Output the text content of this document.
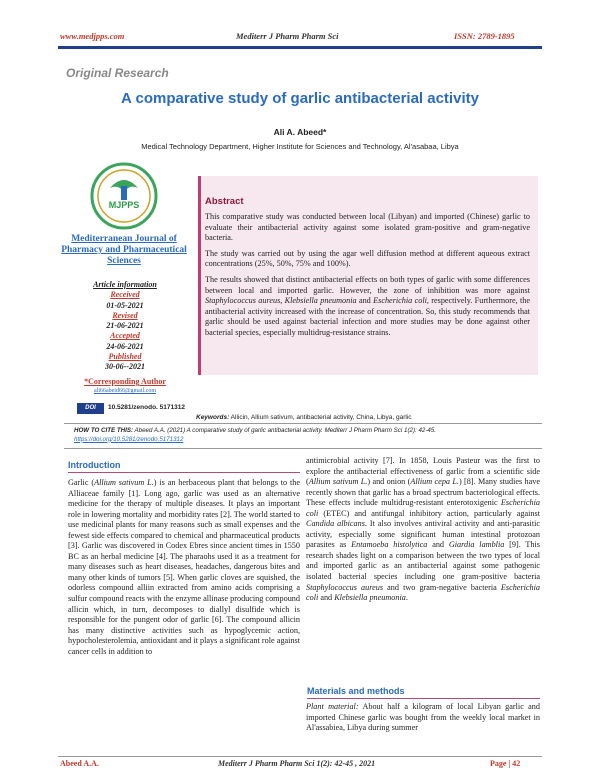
www.medjpps.com	Mediterr J Pharm Pharm Sci	ISSN: 2789-1895
Original Research
A comparative study of garlic antibacterial activity
Ali A. Abeed*
Medical Technology Department, Higher Institute for Sciences and Technology, Al'asabaa, Libya
MJPPS
Mediterranean Journal of Pharmacy and Pharmaceutical Sciences
Article information
Received
01-05-2021
Revised
21-06-2021
Accepted
24-06-2021
Published
30-06--2021
*Corresponding Author
ali66abeid66@gmail.com
Abstract

This comparative study was conducted between local (Libyan) and imported (Chinese) garlic to evaluate their antibacterial activity against some isolated gram-positive and gram-negative bacteria.

The study was carried out by using the agar well diffusion method at different aqueous extract concentrations (25%, 50%, 75% and 100%).

The results showed that distinct antibacterial effects on both types of garlic with some differences between local and imported garlic. However, the zone of inhibition was more against Staphylococcus aureus, Klebsiella pneumonia and Escherichia coli, respectively. Furthermore, the antibacterial activity increased with the increase of concentration. So, this study recommends that garlic should be used against bacterial infection and more studies may be done against other bacterial species, especially multidrug-resistance strains.

DOI	10.5281/zenodo. 5171312
Keywords: Allicin, Allium sativum, antibacterial activity, China, Libya, garlic
HOW TO CITE THIS: Abeed A.A. (2021) A comparative study of garlic antibacterial activity. Mediterr J Pharm Pharm Sci 1(2): 42-45. https://doi.org/10.5281/zenodo.5171312
Introduction
Garlic (Allium sativum L.) is an herbaceous plant that belongs to the Alliaceae family [1]. Long ago, garlic was used as an alternative medicine for the therapy of multiple diseases. It plays an important role in lowering mortality and morbidity rates [2]. The world started to use medicinal plants for many reasons such as small expenses and the fewest side effects compared to chemical and pharmaceutical products [3]. Garlic was discovered in Codex Ebres since ancient times in 1550 BC as an herbal medicine [4]. The pharaohs used it as a treatment for many diseases such as heart diseases, headaches, dangerous bites and many other kinds of tumors [5]. When garlic cloves are squished, the odorless compound alliin extracted from amino acids comprising a sulfur compound reacts with the enzyme allinase producing compound allicin which, in turn, decomposes to diallyl disulfide which is responsible for the pungent odor of garlic [6]. The compound allicin has many distinctive activities such as hypoglycemic action, hypocholesterolemia, antioxidant and it plays a significant role against cancer cells in addition to
antimicrobial activity [7]. In 1858, Louis Pasteur was the first to explore the antibacterial effectiveness of garlic from a scientific side (Allium sativum L.) and onion (Allium cepa L.) [8]. Many studies have recently shown that garlic has a broad spectrum bacteriological effects. These effects include multidrug-resistant enterotoxigenic Escherichia coli (ETEC) and antifungal inhibitory action, particularly against Candida albicans. It also involves antiviral activity and anti-parasitic activity, especially some significant human intestinal protozoan parasites as Entamoeba histolytica and Giardia lamblia [9]. This research shades light on a comparison between the two types of local and imported garlic as an antibacterial against some pathogenic isolated bacterial species including one gram-positive bacteria Staphylococcus aureus and two gram-negative bacteria Escherichia coli and Klebsiella pneumonia.
Materials and methods
Plant material: About half a kilogram of local Libyan garlic and imported Chinese garlic was bought from the weekly local market in Al'assabiea, Libya during summer
Abeed A.A.	Mediterr J Pharm Pharm Sci 1(2): 42-45 , 2021	Page | 42
